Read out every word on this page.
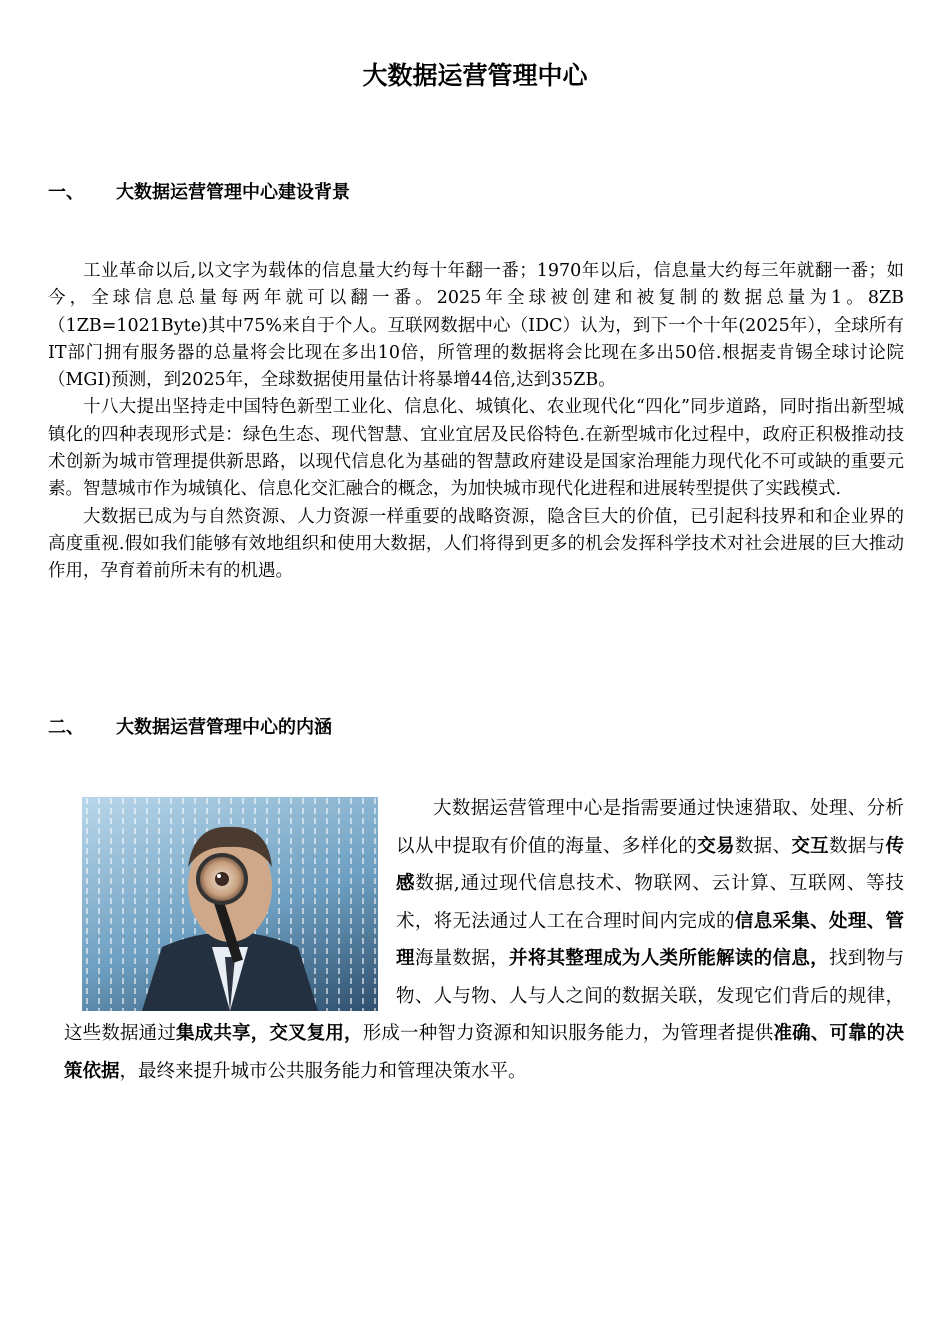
大数据运营管理中心
一、 大数据运营管理中心建设背景

工业革命以后,以文字为载体的信息量大约每十年翻一番；1970年以后，信息量大约每三年就翻一番；如今，全球信息总量每两年就可以翻一番。2025年全球被创建和被复制的数据总量为1。8ZB（1ZB=1021Byte)其中75%来自于个人。互联网数据中心（IDC）认为，到下一个十年(2025年），全球所有IT部门拥有服务器的总量将会比现在多出10倍，所管理的数据将会比现在多出50倍.根据麦肯锡全球讨论院（MGI)预测，到2025年，全球数据使用量估计将暴增44倍,达到35ZB。

十八大提出坚持走中国特色新型工业化、信息化、城镇化、农业现代化“四化”同步道路，同时指出新型城镇化的四种表现形式是：绿色生态、现代智慧、宜业宜居及民俗特色.在新型城市化过程中，政府正积极推动技术创新为城市管理提供新思路，以现代信息化为基础的智慧政府建设是国家治理能力现代化不可或缺的重要元素。智慧城市作为城镇化、信息化交汇融合的概念，为加快城市现代化进程和进展转型提供了实践模式.

大数据已成为与自然资源、人力资源一样重要的战略资源，隐含巨大的价值，已引起科技界和和企业界的高度重视.假如我们能够有效地组织和使用大数据，人们将得到更多的机会发挥科学技术对社会进展的巨大推动作用，孕育着前所未有的机遇。

二、 大数据运营管理中心的内涵

大数据运营管理中心是指需要通过快速猎取、处理、分析以从中提取有价值的海量、多样化的交易数据、交互数据与传感数据,通过现代信息技术、物联网、云计算、互联网、等技术，将无法通过人工在合理时间内完成的信息采集、处理、管理海量数据，并将其整理成为人类所能解读的信息，找到物与物、人与物、人与人之间的数据关联，发现它们背后的规律，这些数据通过集成共享，交叉复用，形成一种智力资源和知识服务能力，为管理者提供准确、可靠的决策依据，最终来提升城市公共服务能力和管理决策水平。
